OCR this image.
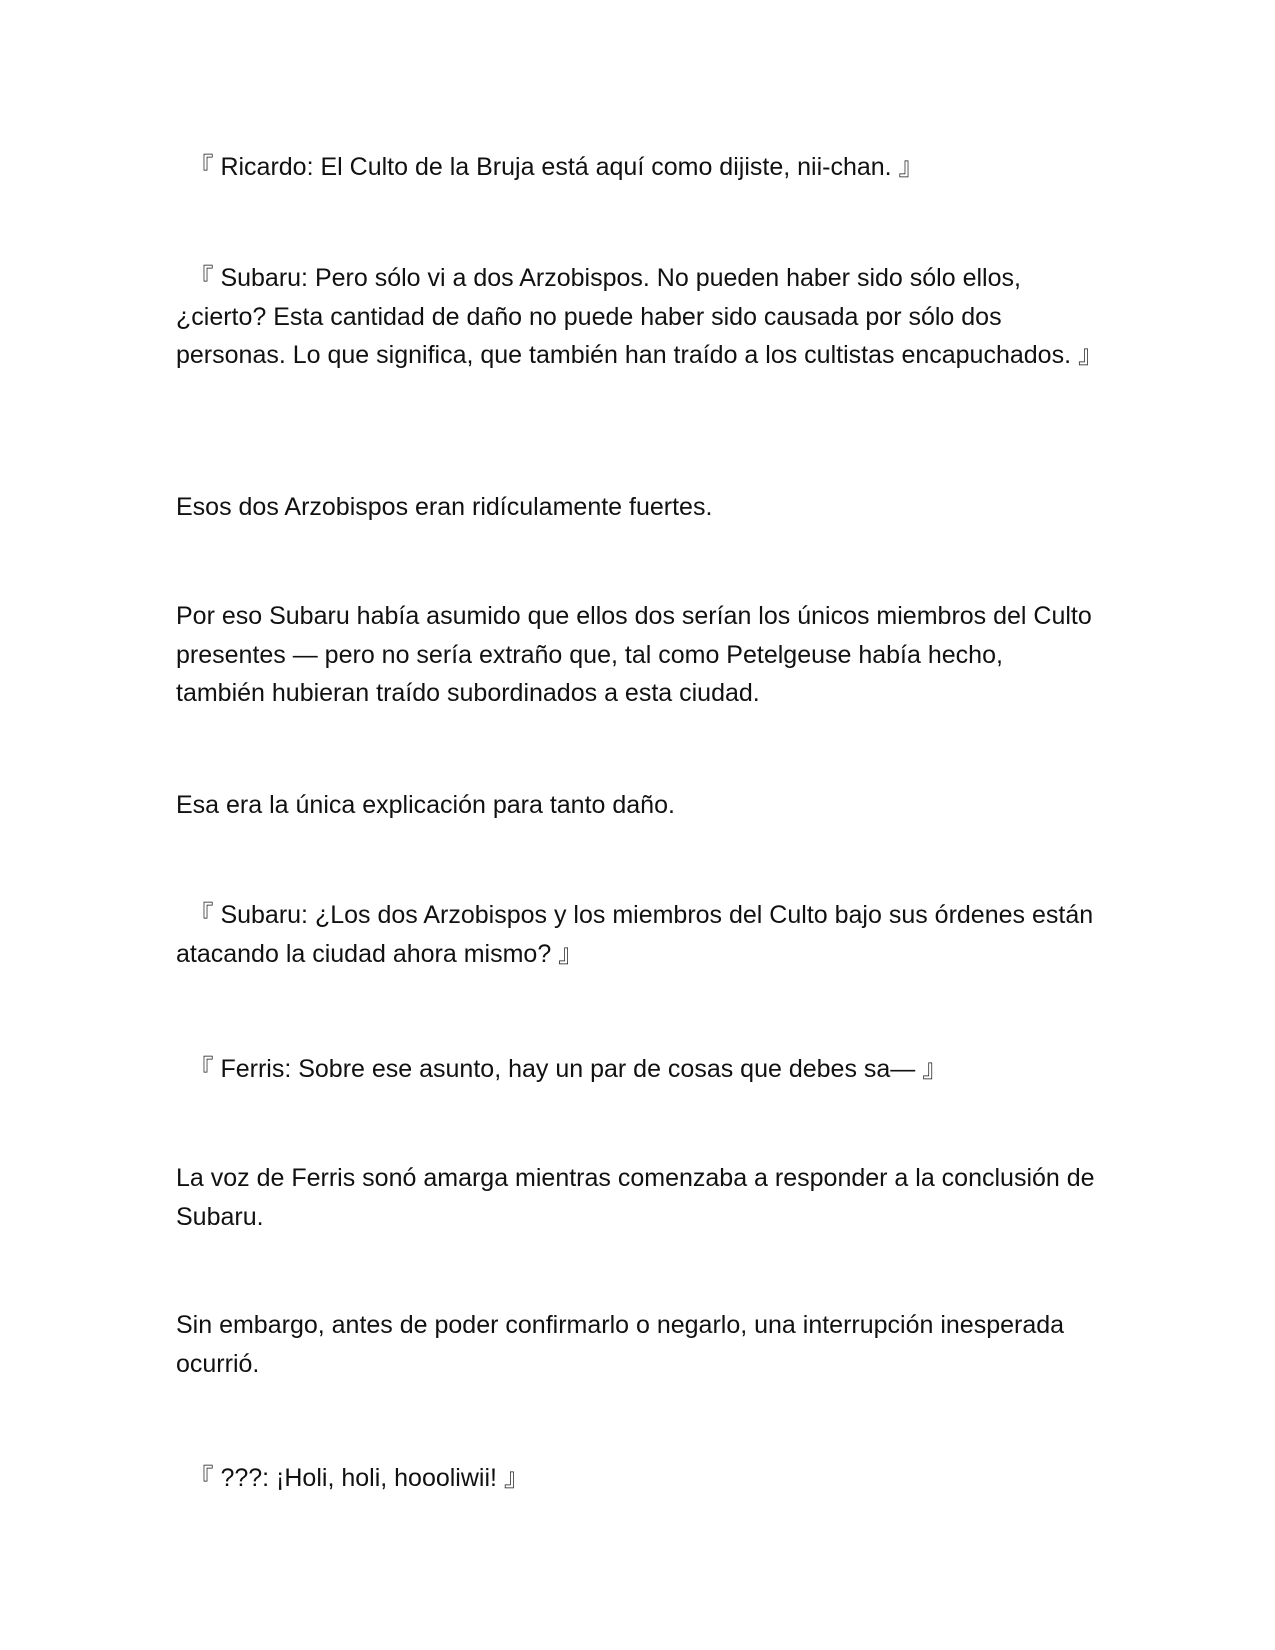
　『 Ricardo: El Culto de la Bruja está aquí como dijiste, nii-chan. 』

　『 Subaru: Pero sólo vi a dos Arzobispos. No pueden haber sido sólo ellos, ¿cierto? Esta cantidad de daño no puede haber sido causada por sólo dos personas. Lo que significa, que también han traído a los cultistas encapuchados. 』

Esos dos Arzobispos eran ridículamente fuertes.

Por eso Subaru había asumido que ellos dos serían los únicos miembros del Culto presentes — pero no sería extraño que, tal como Petelgeuse había hecho, también hubieran traído subordinados a esta ciudad.

Esa era la única explicación para tanto daño.

　『 Subaru: ¿Los dos Arzobispos y los miembros del Culto bajo sus órdenes están atacando la ciudad ahora mismo? 』

　『 Ferris: Sobre ese asunto, hay un par de cosas que debes sa— 』

La voz de Ferris sonó amarga mientras comenzaba a responder a la conclusión de Subaru.

Sin embargo, antes de poder confirmarlo o negarlo, una interrupción inesperada ocurrió.

　『 ???: ¡Holi, holi, hoooliwii! 』
